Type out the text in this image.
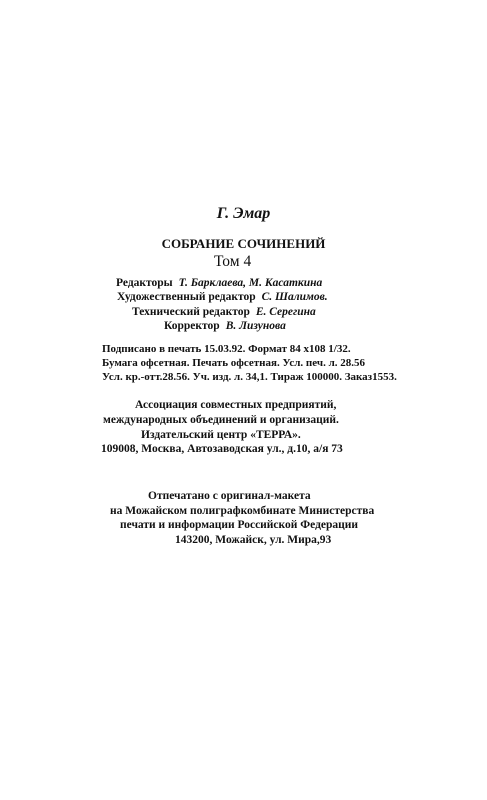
Г. Эмар
СОБРАНИЕ СОЧИНЕНИЙ
Том 4
Редакторы Т. Барклаева, М. Касаткина
Художественный редактор С. Шалимов.
Технический редактор Е. Серегина
Корректор В. Лизунова
Подписано в печать 15.03.92. Формат 84 х108 1/32.
Бумага офсетная. Печать офсетная. Усл. печ. л. 28.56
Усл. кр.-отт.28.56. Уч. изд. л. 34,1. Тираж 100000. Заказ1553.
Ассоциация совместных предприятий,
международных объединений и организаций.
Издательский центр «ТЕРРА».
109008, Москва, Автозаводская ул., д.10, а/я 73
Отпечатано с оригинал-макета
на Можайском полиграфкомбинате Министерства
печати и информации Российской Федерации
143200, Можайск, ул. Мира,93
